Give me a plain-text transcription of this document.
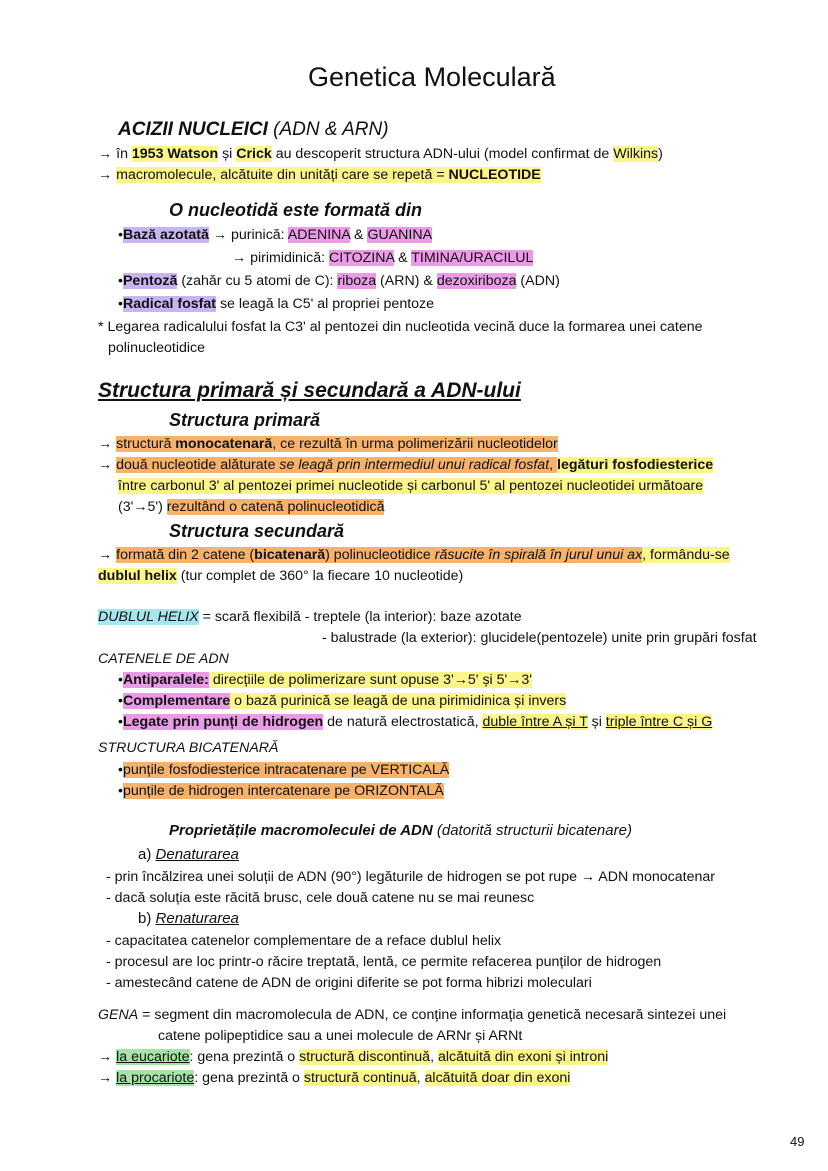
Genetica Moleculară
ACIZII NUCLEICI (ADN & ARN)
→ în 1953 Watson și Crick au descoperit structura ADN-ului (model confirmat de Wilkins)
→ macromolecule, alcătuite din unități care se repetă = NUCLEOTIDE
O nucleotidă este formată din
•Bază azotată → purinică: ADENINA & GUANINA
→ pirimidinică: CITOZINA & TIMINA/URACILUL
•Pentoză (zahăr cu 5 atomi de C): riboza (ARN) & dezoxiriboza (ADN)
•Radical fosfat se leagă la C5' al propriei pentoze
* Legarea radicalului fosfat la C3' al pentozei din nucleotida vecină duce la formarea unei catene
polinucleotidice
Structura primară și secundară a ADN-ului
Structura primară
→ structură monocatenară, ce rezultă în urma polimerizării nucleotidelor
→ două nucleotide alăturate se leagă prin intermediul unui radical fosfat, legături fosfodiesterice
între carbonul 3' al pentozei primei nucleotide și carbonul 5' al pentozei nucleotidei următoare
(3'→5') rezultând o catenă polinucleotidică
Structura secundară
→ formată din 2 catene (bicatenară) polinucleotidice răsucite în spirală în jurul unui ax, formându-se
dublul helix (tur complet de 360° la fiecare 10 nucleotide)
DUBLUL HELIX = scară flexibilă - treptele (la interior): baze azotate
- balustrade (la exterior): glucidele(pentozele) unite prin grupări fosfat
CATENELE DE ADN
•Antiparalele: direcțiile de polimerizare sunt opuse 3'→5' și 5'→3'
•Complementare o bază purinică se leagă de una pirimidinica și invers
•Legate prin punți de hidrogen de natură electrostatică, duble între A și T și triple între C și G
STRUCTURA BICATENARĂ
•punțile fosfodiesterice intracatenare pe VERTICALĂ
•punțile de hidrogen intercatenare pe ORIZONTALĂ
Proprietățile macromoleculei de ADN (datorită structurii bicatenare)
a) Denaturarea
- prin încălzirea unei soluții de ADN (90°) legăturile de hidrogen se pot rupe → ADN monocatenar
- dacă soluția este răcită brusc, cele două catene nu se mai reunesc
b) Renaturarea
- capacitatea catenelor complementare de a reface dublul helix
- procesul are loc printr-o răcire treptată, lentă, ce permite refacerea punților de hidrogen
- amestecând catene de ADN de origini diferite se pot forma hibrizi moleculari
GENA = segment din macromolecula de ADN, ce conține informația genetică necesară sintezei unei
catene polipeptidice sau a unei molecule de ARNr și ARNt
→ la eucariote: gena prezintă o structură discontinuă, alcătuită din exoni și introni
→ la procariote: gena prezintă o structură continuă, alcătuită doar din exoni
49
